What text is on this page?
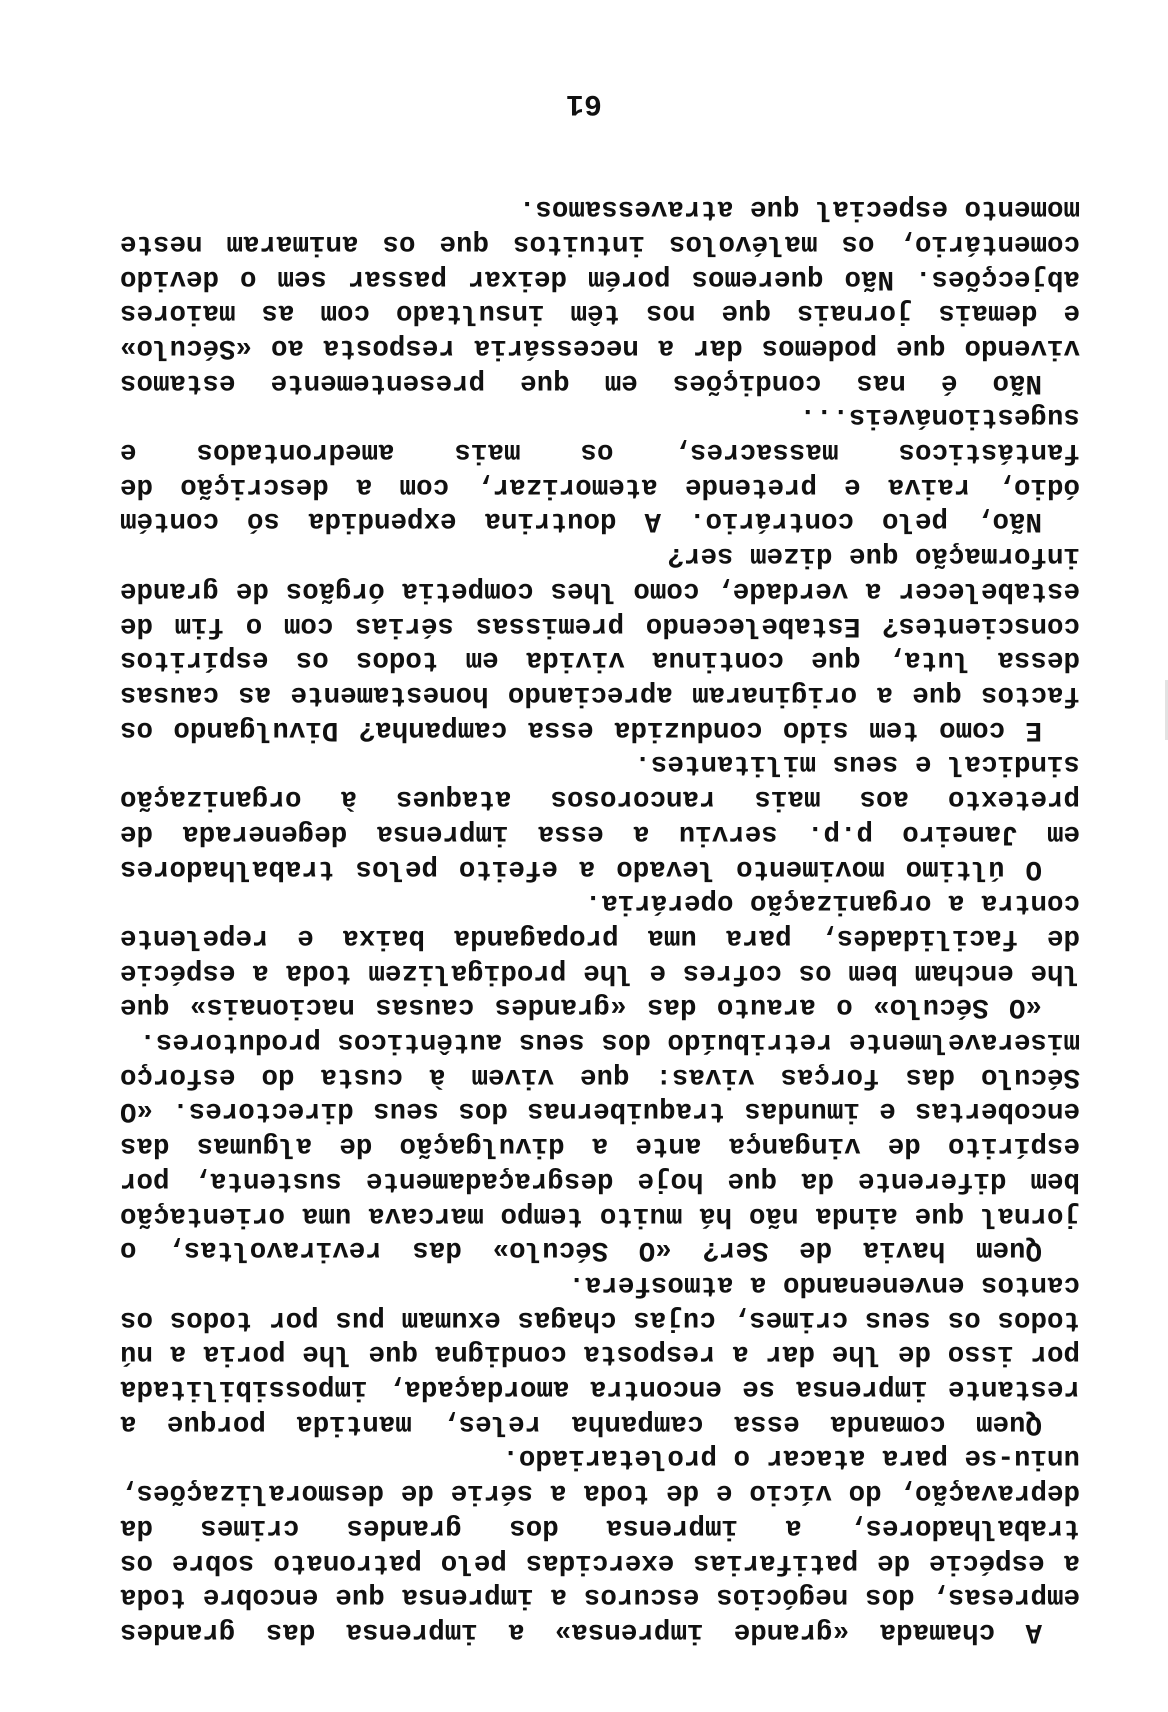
A chamada «grande imprensa» a imprensa das grandes empresas, dos negócios escuros a imprensa que encobre toda a espécie de patifarias exercidas pelo patronato sobre os trabalhadores, a imprensa dos grandes crimes da depravação, do vício e de toda a série de desmoralizações, uniu-se para atacar o proletariado.

Quem comanda essa campanha reles, mantida porque a restante imprensa se encontra amordaçada, impossibilitada por isso de lhe dar a resposta condigna que lhe poria a nú todos os seus crimes, cujas chagas exumam pus por todos os cantos envenenando a atmosfera.

Quem havia de Ser? «O Século» das reviravoltas, o jornal que ainda não há muito tempo marcava uma orientação bem diferente da que hoje desgraçadamente sustenta, por espírito de vingança ante a divulgação de algumas das encobertas e imundas traquibernas dos seus directores. «O Século das forças vivas: que vivem à custa do esforço miseravelmente retribuído dos seus autênticos produtores.

«O Século» o arauto das «grandes causas nacionais» que lhe encham bem os cofres e lhe prodigalizem toda a espécie de facilidades, para uma propaganda baixa e repelente contra a organização operária.

O último movimento levado a efeito pelos trabalhadores em Janeiro p.p. serviu a essa imprensa degenerada de pretexto aos mais rancorosos ataques à organização sindical e seus militantes.

E como tem sido conduzida essa campanha? Divulgando os factos que a originaram apreciando honestamente as causas dessa luta, que continua vivida em todos os espíritos conscientes? Estabelecendo premissas sérias com o fim de estabelecer a verdade, como lhes competia órgãos de grande informação que dizem ser?

Não, pelo contrário. A doutrina expendida só contém ódio, raiva e pretende atemorizar, com a descrição de fantásticos massacres, os mais amedrontados e sugestionáveis...

Não é nas condições em que presentemente estamos vivendo que podemos dar a necessária resposta ao «Século» e demais jornais que nos têm insultado com as maiores abjecções. Não queremos porém deixar passar sem o devido comentário, os malévolos intuitos que os animaram neste momento especial que atravessamos.

61
